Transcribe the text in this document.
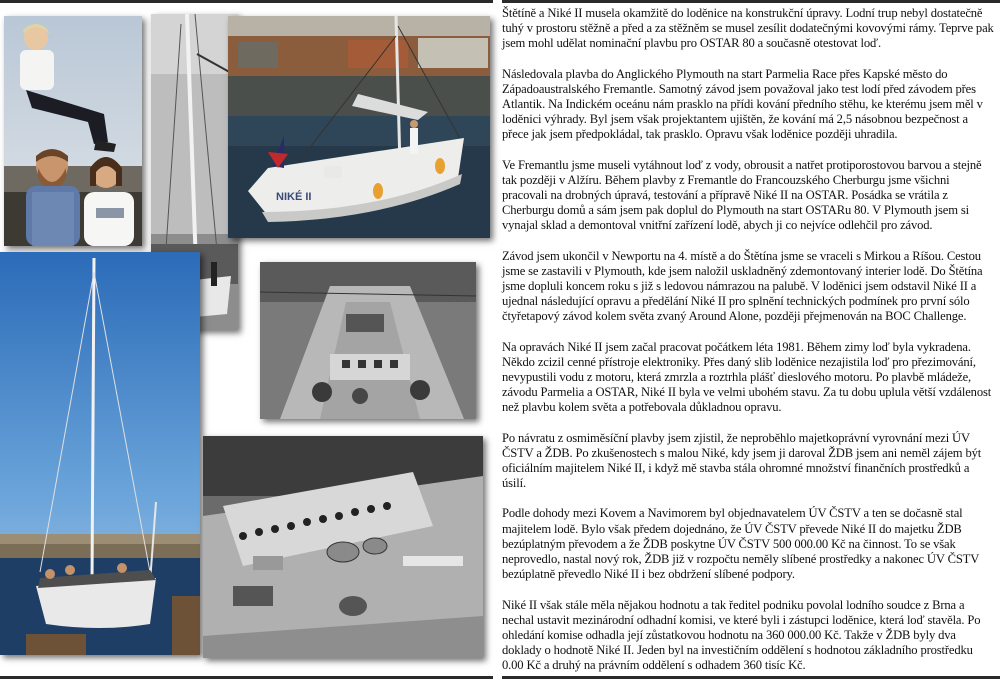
NIKÉ II

Štětíně a Niké II musela okamžitě do loděnice na konstrukční úpravy. Lodní trup nebyl dostatečně tuhý v prostoru stěžně a před a za stěžněm se musel zesílit dodatečnými kovovými rámy. Teprve pak jsem mohl udělat nominační plavbu pro OSTAR 80 a současně otestovat loď.

Následovala plavba do Anglického Plymouth na start Parmelia Race přes Kapské město do Západoaustralského Fremantle. Samotný závod jsem považoval jako test lodí před závodem přes Atlantik. Na Indickém oceánu nám prasklo na přídi kování předního stěhu, ke kterému jsem měl v loděnici výhrady. Byl jsem však projektantem ujištěn, že kování má 2,5 násobnou bezpečnost a přece jak jsem předpokládal, tak prasklo. Opravu však loděnice později uhradila.

Ve Fremantlu jsme museli vytáhnout loď z vody, obrousit a natřet protiporostovou barvou a stejně tak později v Alžíru. Během plavby z Fremantle do Francouzského Cherburgu jsme všichni pracovali na drobných úpravá, testování a přípravě Niké II na OSTAR. Posádka se vrátila z Cherburgu domů a sám jsem pak doplul do Plymouth na start OSTARu 80. V Plymouth jsem si vynajal sklad a demontoval vnitřní zařízení lodě, abych ji co nejvíce odlehčil pro závod.

Závod jsem ukončil v Newportu na 4. místě a do Štětína jsme se vraceli s Mirkou a Ríšou. Cestou jsme se zastavili v Plymouth, kde jsem naložil uskladněný zdemontovaný interier lodě. Do Štětína jsme dopluli koncem roku s již s ledovou námrazou na palubě. V loděnici jsem odstavil Niké II a ujednal následující opravu a předělání Niké II pro splnění technických podmínek pro první sólo čtyřetapový závod kolem světa zvaný Around Alone, později přejmenován na BOC Challenge.

Na opravách Niké II jsem začal pracovat počátkem léta 1981. Během zimy loď byla vykradena. Někdo zcizil cenné přístroje elektroniky. Přes daný slib loděnice nezajistila loď pro přezimování, nevypustili vodu z motoru, která zmrzla a roztrhla plášť dieslového motoru. Po plavbě mládeže, závodu Parmelia a OSTAR, Niké II byla ve velmi ubohém stavu. Za tu dobu uplula větší vzdálenost než plavbu kolem světa a potřebovala důkladnou opravu.

Po návratu z osmiměsíční plavby jsem zjistil, že neproběhlo majetkoprávní vyrovnání mezi ÚV ČSTV a ŽDB. Po zkušenostech s malou Niké, kdy jsem ji daroval ŽDB jsem ani neměl zájem být oficiálním majitelem Niké II, i když mě stavba stála ohromné množství finančních prostředků a úsilí.

Podle dohody mezi Kovem a Navimorem byl objednavatelem ÚV ČSTV a ten se dočasně stal majitelem lodě. Bylo však předem dojednáno, že ÚV ČSTV převede Niké II do majetku ŽDB bezúplatným převodem a že ŽDB poskytne ÚV ČSTV 500 000.00 Kč na činnost. To se však neprovedlo, nastal nový rok, ŽDB již v rozpočtu neměly slíbené prostředky a nakonec ÚV ČSTV bezúplatně převedlo Niké II i bez obdržení slíbené podpory.

Niké II však stále měla nějakou hodnotu a tak ředitel podniku povolal lodního soudce z Brna a nechal ustavit mezinárodní odhadní komisi, ve které byli i zástupci loděnice, která loď stavěla. Po ohledání komise odhadla její zůstatkovou hodnotu na 360 000.00 Kč. Takže v ŽDB byly dva doklady o hodnotě Niké II. Jeden byl na investičním oddělení s hodnotou základního prostředku 0.00 Kč a druhý na právním oddělení s odhadem 360 tisíc Kč.
